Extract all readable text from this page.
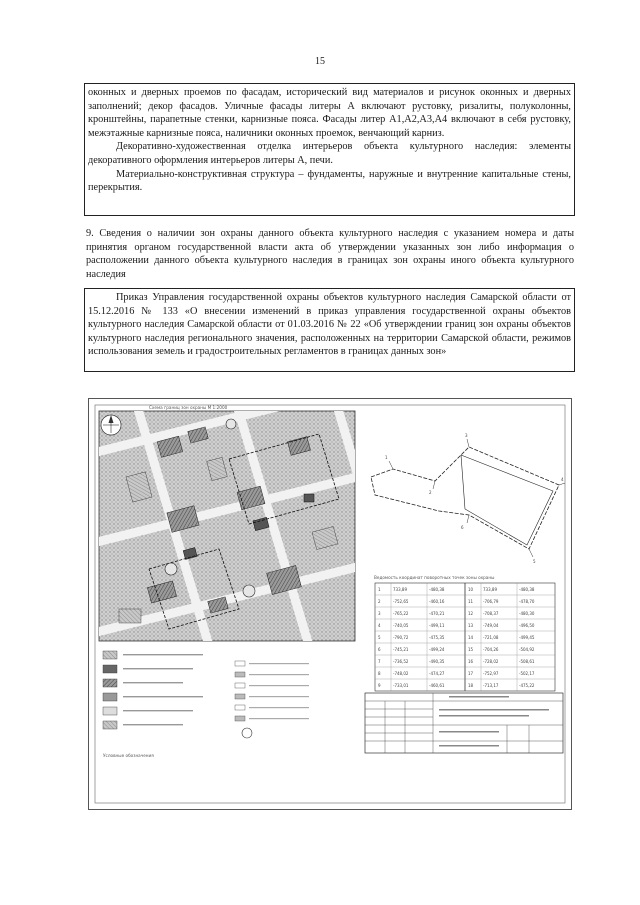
15

оконных и дверных проемов по фасадам, исторический вид материалов и рисунок оконных и дверных заполнений; декор фасадов. Уличные фасады литеры А включают рустовку, ризалиты, полуколонны, кронштейны, парапетные стенки, карнизные пояса. Фасады литер А1,А2,А3,А4 включают в себя рустовку, межэтажные карнизные пояса, наличники оконных проемок, венчающий карниз.

Декоративно-художественная отделка интерьеров объекта культурного наследия: элементы декоративного оформления интерьеров литеры А, печи.

Материально-конструктивная структура – фундаменты, наружные и внутренние капитальные стены, перекрытия.

9. Сведения о наличии зон охраны данного объекта культурного наследия с указанием номера и даты принятия органом государственной власти акта об утверждении указанных зон либо информация о расположении данного объекта культурного наследия в границах зон охраны иного объекта культурного наследия

Приказ Управления государственной охраны объектов культурного наследия Самарской области от 15.12.2016 № 133 «О внесении изменений в приказ управления государственной охраны объектов культурного наследия Самарской области от 01.03.2016 № 22 «Об утверждении границ зон охраны объектов культурного наследия регионального значения, расположенных на территории Самарской области, режимов использования земель и градостроительных регламентов в границах данных зон»

Схема границ зон охраны М 1:2000
1
2
3
4
5
6
Ведомость координат поворотных точек зоны охраны
1	733,89	-480,38
2	-752,65	-460,16
3	-765,22	-470,21
4	-740,05	-499,11
5	-790,72	-475,35
6	-745,21	-499,24
7	-736,52	-490,35
8	-748,02	-474,27
9	-733,01	-460,61
10 733,89	-480,38
11 -706,79	-478,70
12 -708,37	-480,30
13 -749,04	-496,50
14 -721,08	-499,45
15 -704,26	-504,92
16 -728,02	-508,61
17 -752,97	-502,17
18 -713,17	-475,22
Условные обозначения
